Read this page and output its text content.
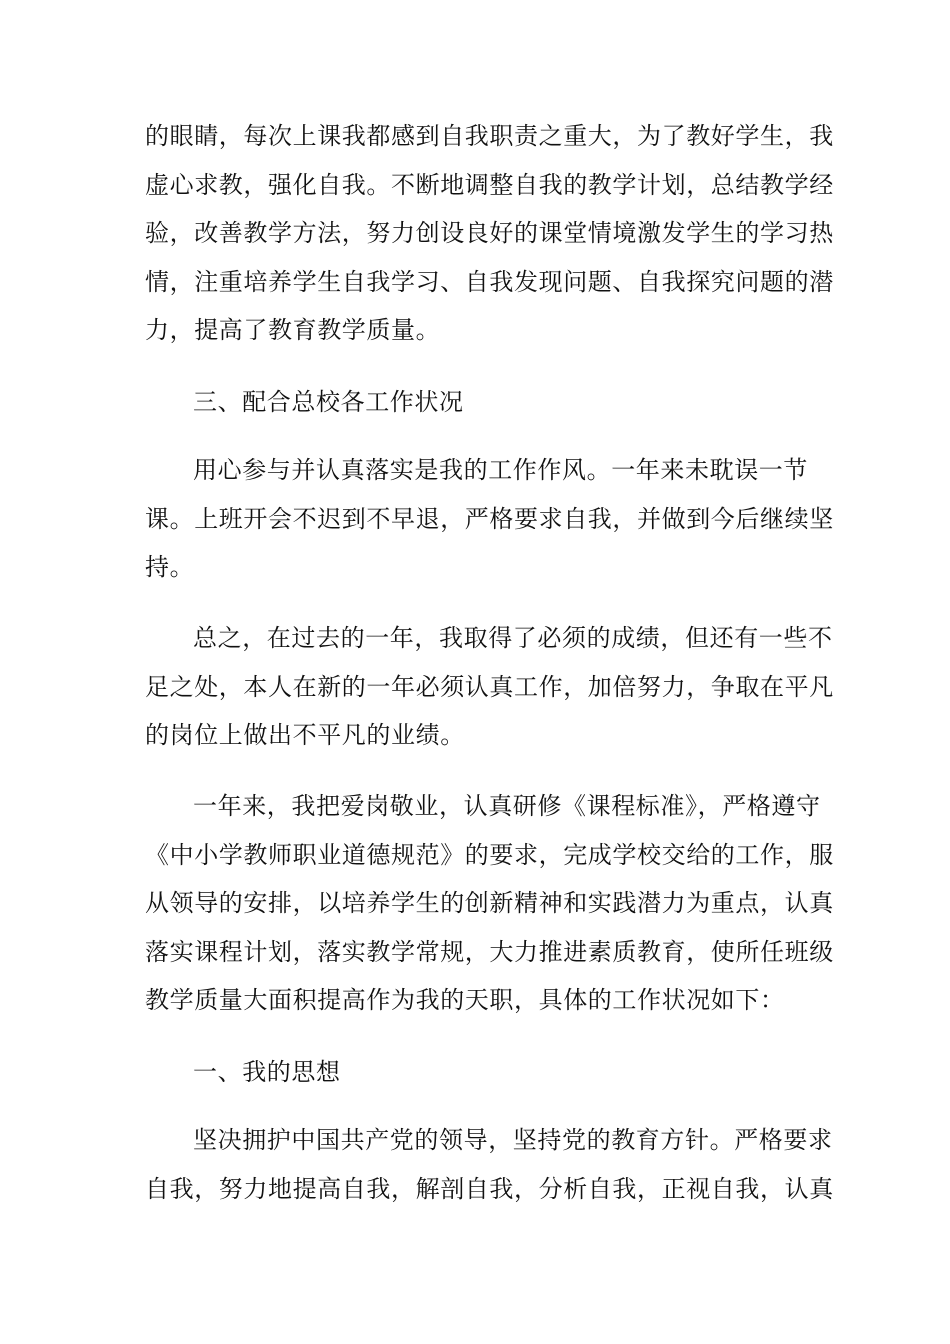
的眼睛，每次上课我都感到自我职责之重大，为了教好学生，我
虚心求教，强化自我。不断地调整自我的教学计划，总结教学经
验，改善教学方法，努力创设良好的课堂情境激发学生的学习热
情，注重培养学生自我学习、自我发现问题、自我探究问题的潜
力，提高了教育教学质量。
三、配合总校各工作状况
用心参与并认真落实是我的工作作风。一年来未耽误一节
课。上班开会不迟到不早退，严格要求自我，并做到今后继续坚
持。
总之，在过去的一年，我取得了必须的成绩，但还有一些不
足之处，本人在新的一年必须认真工作，加倍努力，争取在平凡
的岗位上做出不平凡的业绩。
一年来，我把爱岗敬业，认真研修《课程标准》，严格遵守
《中小学教师职业道德规范》的要求，完成学校交给的工作，服
从领导的安排，以培养学生的创新精神和实践潜力为重点，认真
落实课程计划，落实教学常规，大力推进素质教育，使所任班级
教学质量大面积提高作为我的天职，具体的工作状况如下：
一、我的思想
坚决拥护中国共产党的领导，坚持党的教育方针。严格要求
自我，努力地提高自我，解剖自我，分析自我，正视自我，认真
